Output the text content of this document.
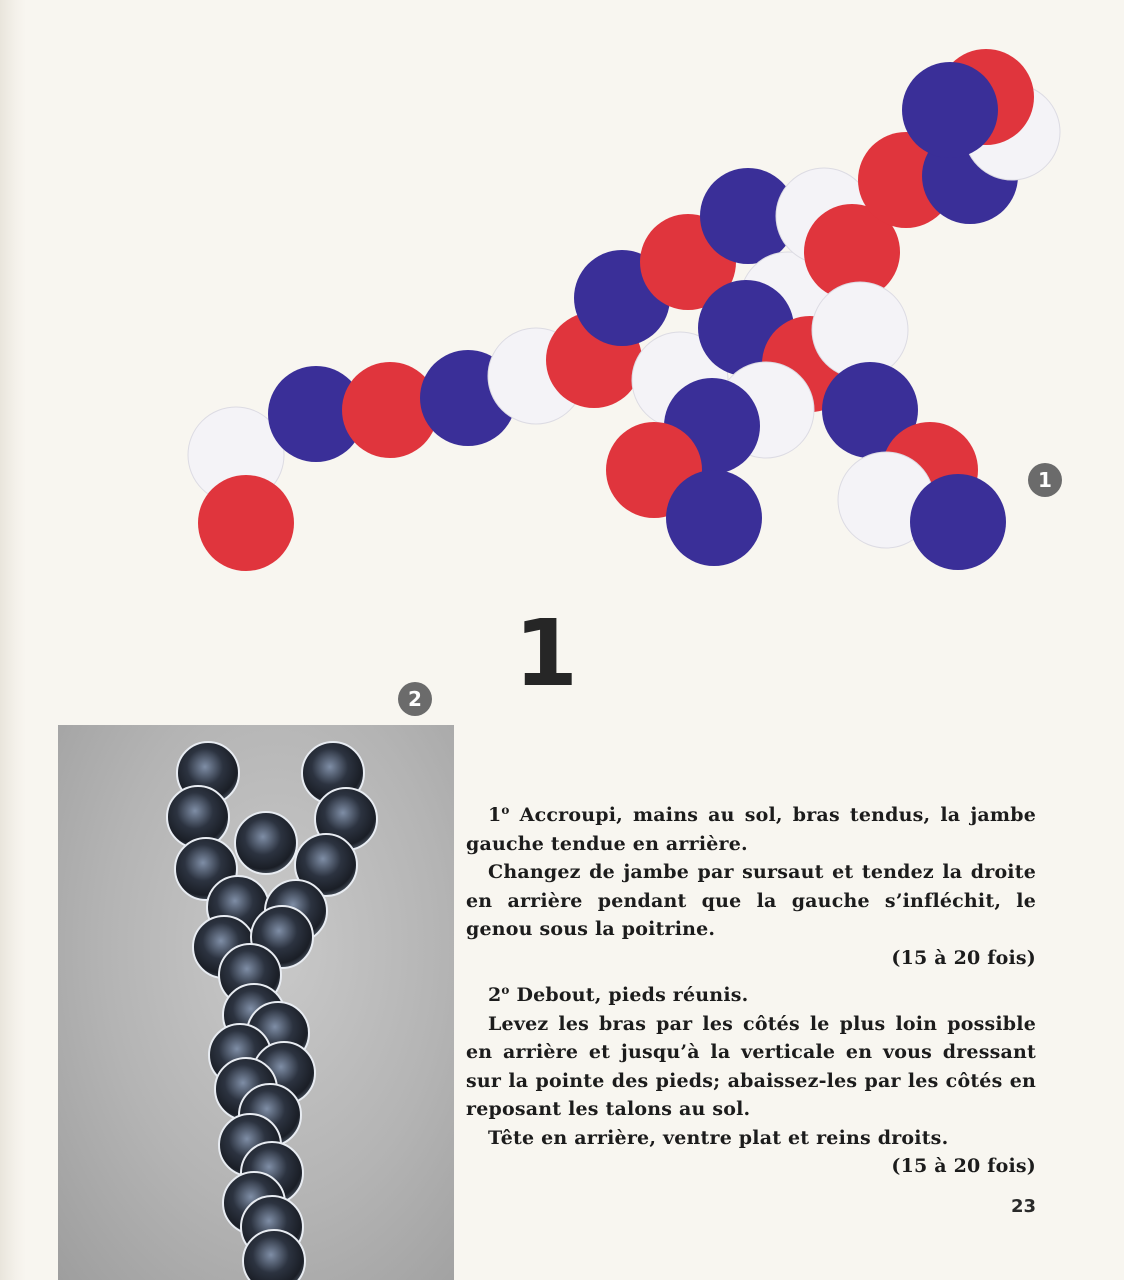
1
1
2

1$^o$ Accroupi, mains au sol, bras tendus, la jambe gauche tendue en arrière.

Changez de jambe par sursaut et tendez la droite en arrière pendant que la gauche s’infléchit, le genou sous la poitrine.

(15 à 20 fois)

2$^o$ Debout, pieds réunis.

Levez les bras par les côtés le plus loin possible en arrière et jusqu’à la verticale en vous dressant sur la pointe des pieds; abaissez-les par les côtés en reposant les talons au sol.

Tête en arrière, ventre plat et reins droits.

(15 à 20 fois)

23
